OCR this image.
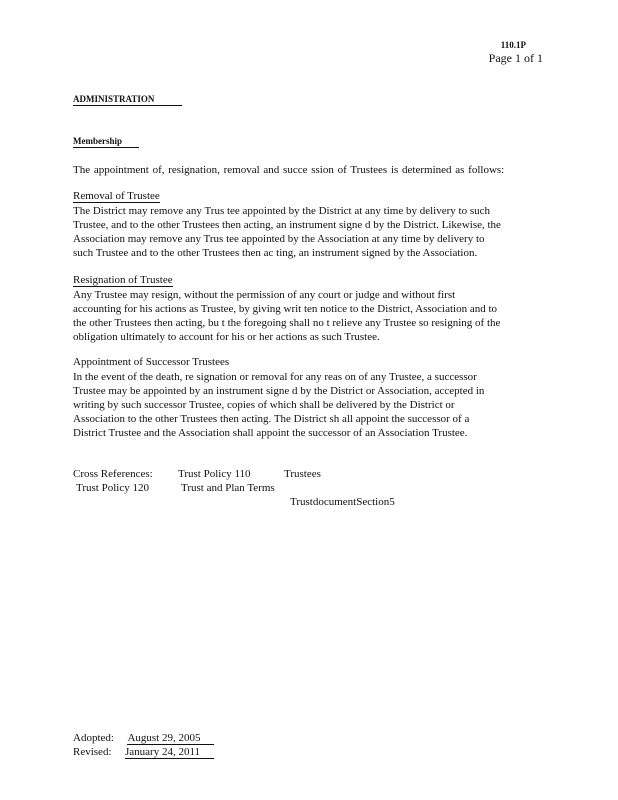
110.1P
Page 1 of 1
ADMINISTRATION
Membership
The appointment of, resignation, removal and succe ssion of Trustees is determined as follows:
Removal of Trustee
The District may remove any Trus tee appointed by the District at any time by delivery to such
Trustee, and to the other Trustees then acting, an instrument signe d by the District. Likewise, the
Association may remove any Trus tee appointed by the Association at any time by delivery to
such Trustee and to the other Trustees then ac ting, an instrument signed by the Association.
Resignation of Trustee
Any Trustee may resign, without the permission of any court or judge and without first
accounting for his actions as Trustee, by giving writ ten notice to the District, Association and to
the other Trustees then acting, bu t the foregoing shall no t relieve any Trustee so resigning of the
obligation ultimately to account for his or her actions as such Trustee.
Appointment of Successor Trustees
In the event of the death, re signation or removal for any reas on of any Trustee, a successor
Trustee may be appointed by an instrument signe d by the District or Association, accepted in
writing by such successor Trustee, copies of which shall be delivered by the District or
Association to the other Trustees then acting. The District sh all appoint the successor of a
District Trustee and the Association shall appoint the successor of an Association Trustee.
Cross References: Trust Policy 110	Trustees
Trust Policy 120	Trust and Plan Terms
TrustdocumentSection5
Adopted: August 29, 2005
Revised: January 24, 2011
